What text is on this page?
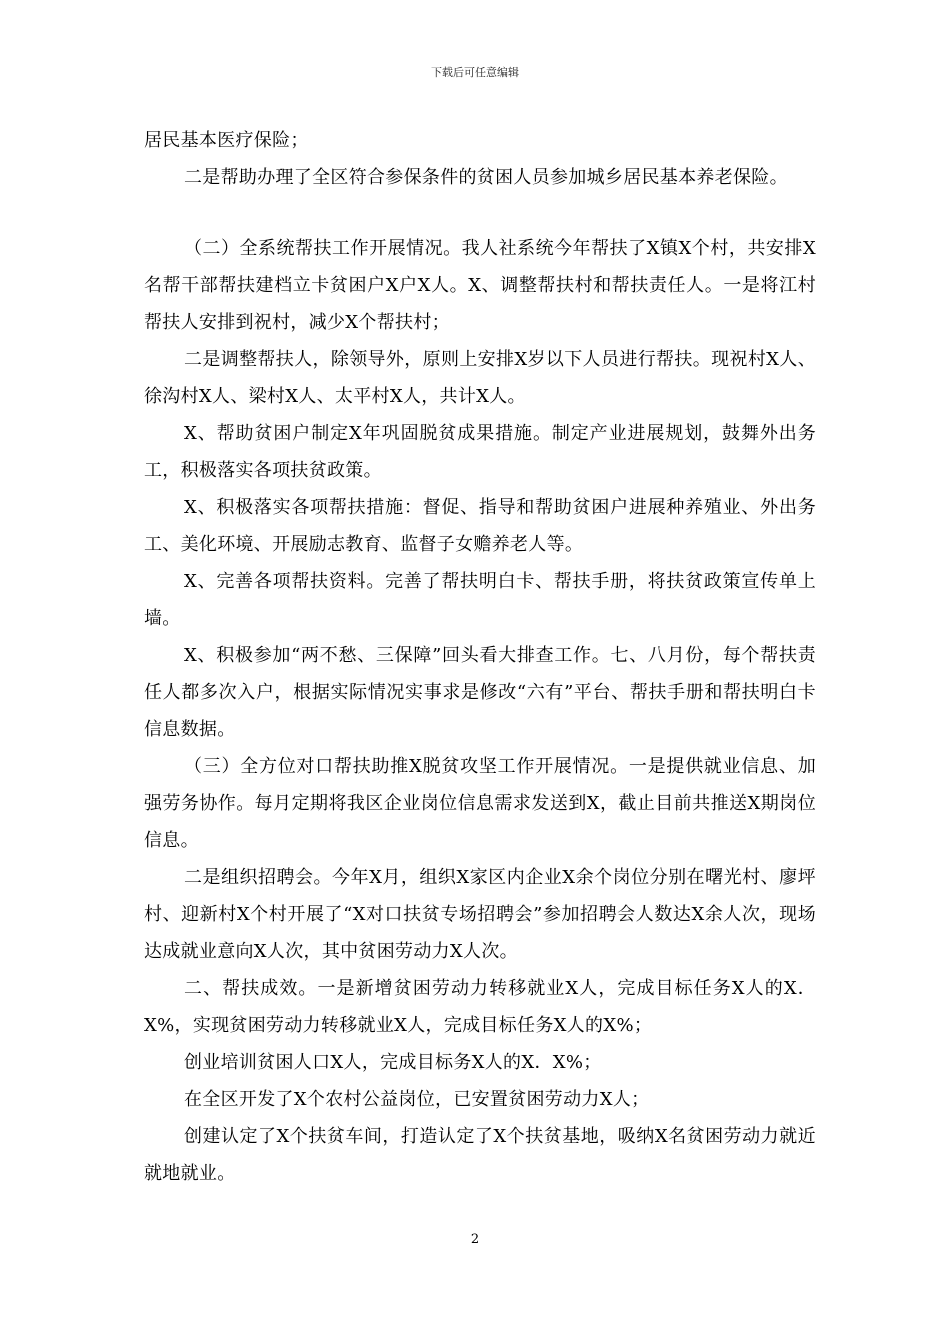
下载后可任意编辑

居民基本医疗保险；

二是帮助办理了全区符合参保条件的贫困人员参加城乡居民基本养老保险。

（二）全系统帮扶工作开展情况。我人社系统今年帮扶了X镇X个村，共安排X名帮干部帮扶建档立卡贫困户X户X人。X、调整帮扶村和帮扶责任人。一是将江村帮扶人安排到祝村，减少X个帮扶村；

二是调整帮扶人，除领导外，原则上安排X岁以下人员进行帮扶。现祝村X人、徐沟村X人、梁村X人、太平村X人，共计X人。

X、帮助贫困户制定X年巩固脱贫成果措施。制定产业进展规划，鼓舞外出务工，积极落实各项扶贫政策。

X、积极落实各项帮扶措施：督促、指导和帮助贫困户进展种养殖业、外出务工、美化环境、开展励志教育、监督子女赡养老人等。

X、完善各项帮扶资料。完善了帮扶明白卡、帮扶手册，将扶贫政策宣传单上墙。

X、积极参加“两不愁、三保障”回头看大排查工作。七、八月份，每个帮扶责任人都多次入户，根据实际情况实事求是修改“六有”平台、帮扶手册和帮扶明白卡信息数据。

（三）全方位对口帮扶助推X脱贫攻坚工作开展情况。一是提供就业信息、加强劳务协作。每月定期将我区企业岗位信息需求发送到X，截止目前共推送X期岗位信息。

二是组织招聘会。今年X月，组织X家区内企业X余个岗位分别在曙光村、廖坪村、迎新村X个村开展了“X对口扶贫专场招聘会”参加招聘会人数达X余人次，现场达成就业意向X人次，其中贫困劳动力X人次。

二、帮扶成效。一是新增贫困劳动力转移就业X人，完成目标任务X人的X．X%，实现贫困劳动力转移就业X人，完成目标任务X人的X%；

创业培训贫困人口X人，完成目标务X人的X．X%；

在全区开发了X个农村公益岗位，已安置贫困劳动力X人；

创建认定了X个扶贫车间，打造认定了X个扶贫基地，吸纳X名贫困劳动力就近就地就业。

2
